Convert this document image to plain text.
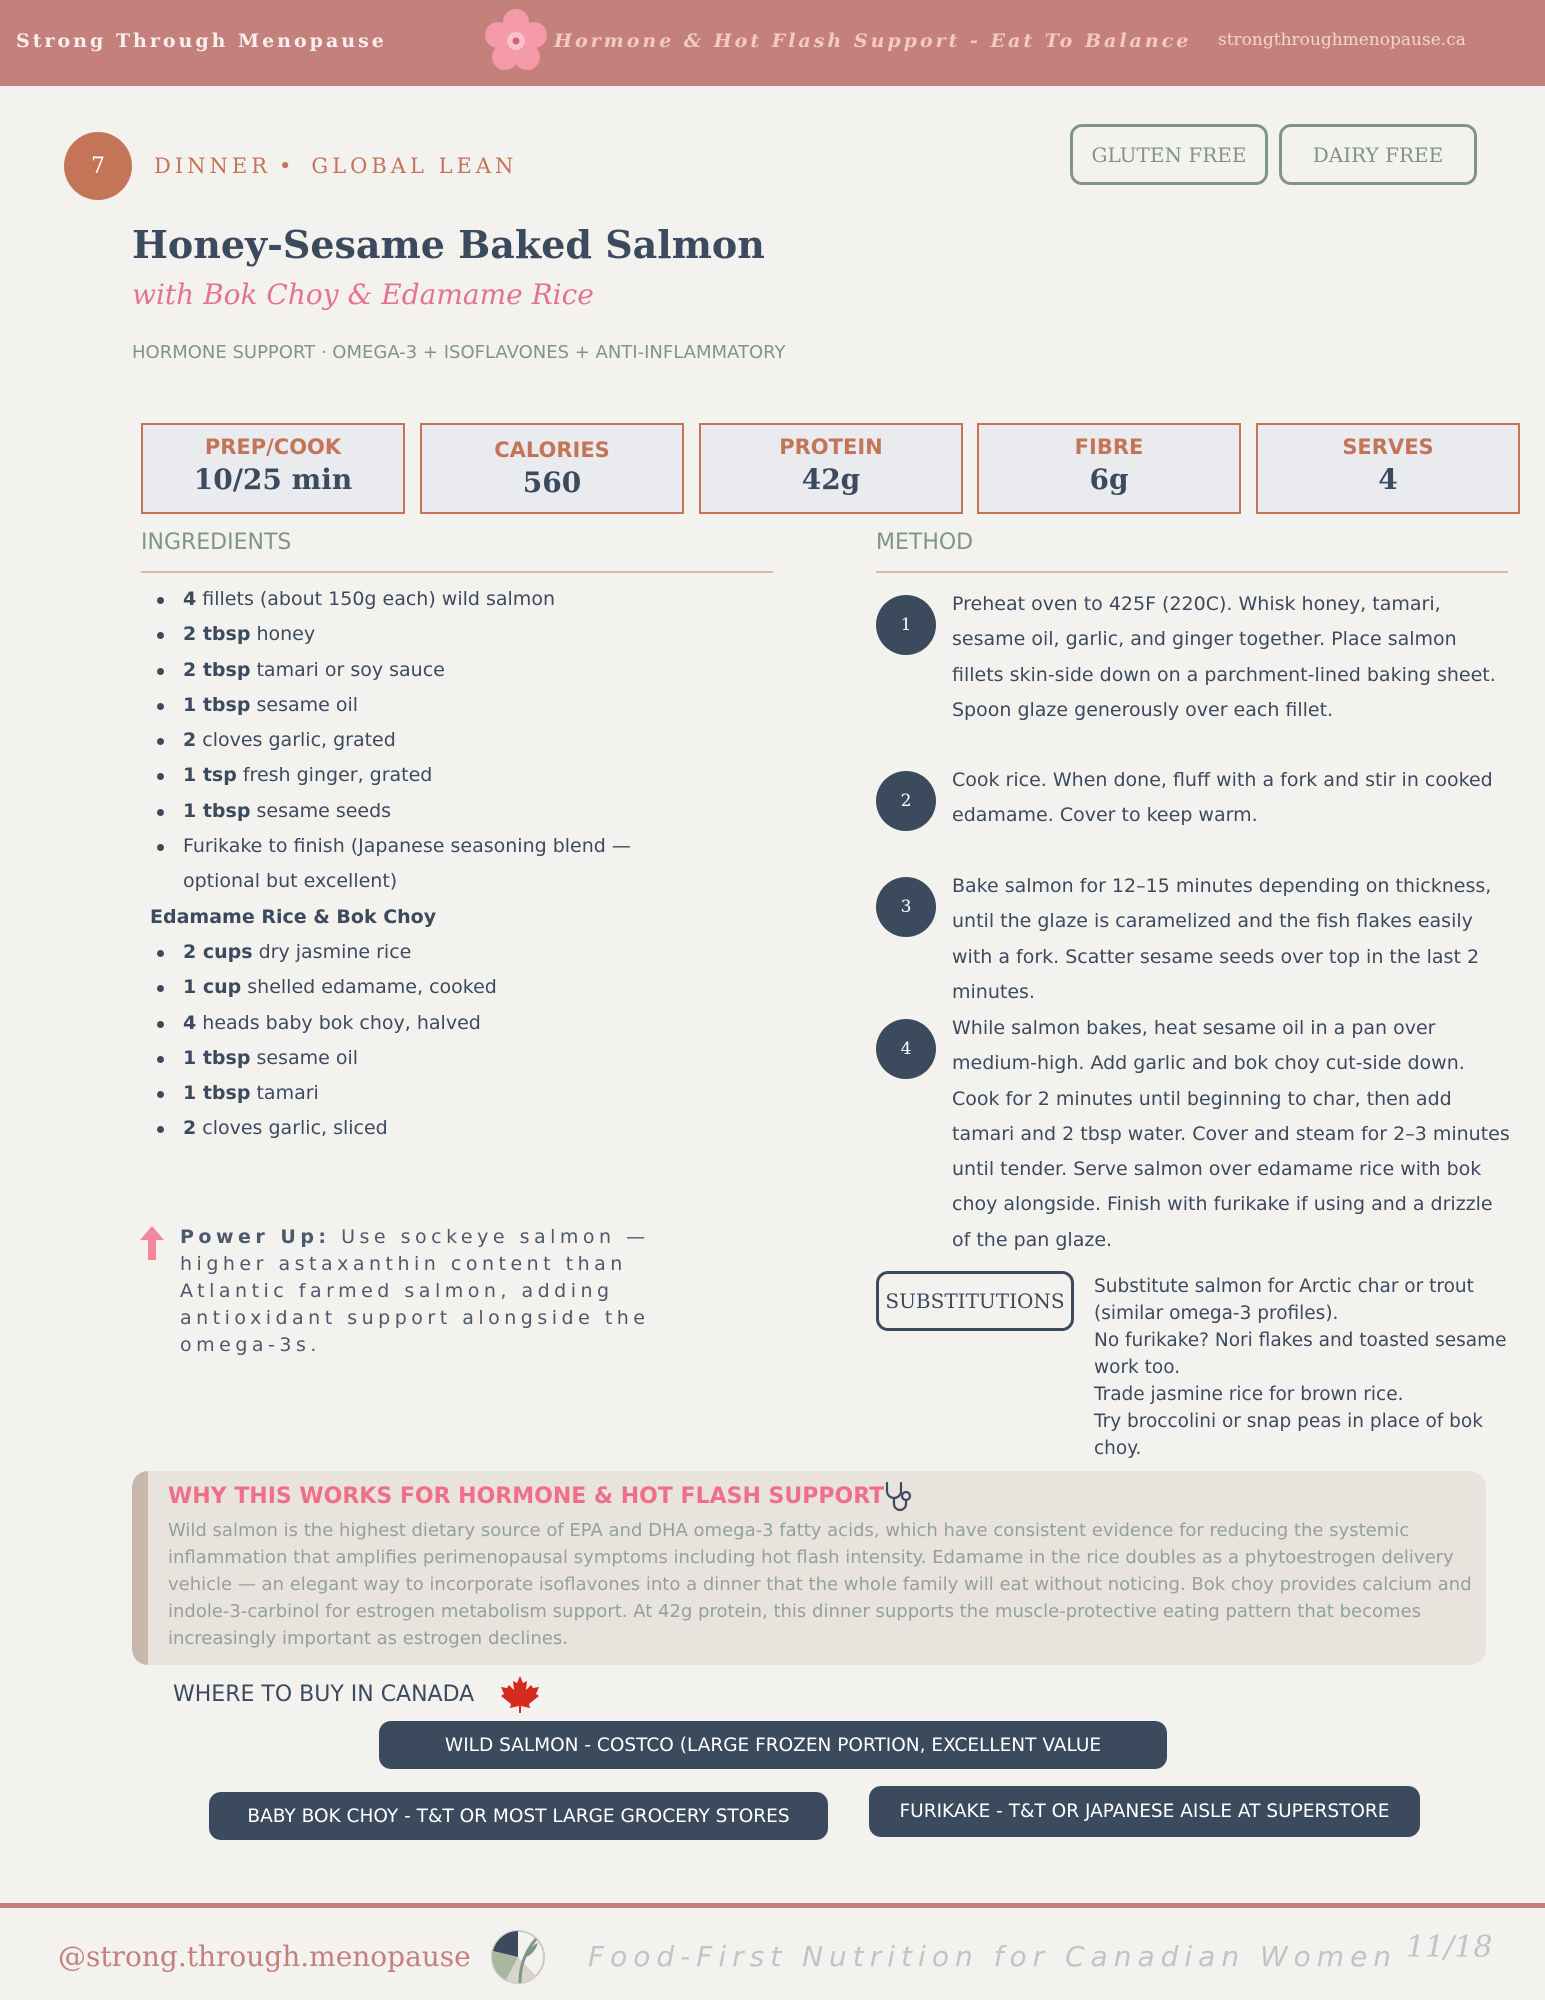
Strong Through Menopause	Hormone & Hot Flash Support - Eat To Balance strongthroughmenopause.ca
7	DINNER • GLOBAL LEAN	GLUTEN FREE	DAIRY FREE
Honey-Sesame Baked Salmon
with Bok Choy & Edamame Rice
HORMONE SUPPORT · OMEGA-3 + ISOFLAVONES + ANTI-INFLAMMATORY
PREP/COOK
10/25 min
CALORIES
560
PROTEIN
42g
FIBRE
6g
SERVES
4
INGREDIENTS
4 fillets (about 150g each) wild salmon
2 tbsp honey
2 tbsp tamari or soy sauce
1 tbsp sesame oil
2 cloves garlic, grated
1 tsp fresh ginger, grated
1 tbsp sesame seeds
Furikake to finish (Japanese seasoning blend — optional but excellent)
Edamame Rice & Bok Choy
2 cups dry jasmine rice
1 cup shelled edamame, cooked
4 heads baby bok choy, halved
1 tbsp sesame oil
1 tbsp tamari
2 cloves garlic, sliced
Power Up: Use sockeye salmon — higher astaxanthin content than Atlantic farmed salmon, adding antioxidant support alongside the omega-3s.
METHOD
1
Preheat oven to 425F (220C). Whisk honey, tamari, sesame oil, garlic, and ginger together. Place salmon fillets skin-side down on a parchment-lined baking sheet. Spoon glaze generously over each fillet.
2
Cook rice. When done, fluff with a fork and stir in cooked edamame. Cover to keep warm.
3
Bake salmon for 12–15 minutes depending on thickness, until the glaze is caramelized and the fish flakes easily with a fork. Scatter sesame seeds over top in the last 2 minutes.
4
While salmon bakes, heat sesame oil in a pan over medium-high. Add garlic and bok choy cut-side down. Cook for 2 minutes until beginning to char, then add tamari and 2 tbsp water. Cover and steam for 2–3 minutes until tender. Serve salmon over edamame rice with bok choy alongside. Finish with furikake if using and a drizzle of the pan glaze.
SUBSTITUTIONS
Substitute salmon for Arctic char or trout (similar omega-3 profiles).
No furikake? Nori flakes and toasted sesame work too.
Trade jasmine rice for brown rice.
Try broccolini or snap peas in place of bok choy.
WHY THIS WORKS FOR HORMONE & HOT FLASH SUPPORT
Wild salmon is the highest dietary source of EPA and DHA omega-3 fatty acids, which have consistent evidence for reducing the systemic inflammation that amplifies perimenopausal symptoms including hot flash intensity. Edamame in the rice doubles as a phytoestrogen delivery vehicle — an elegant way to incorporate isoflavones into a dinner that the whole family will eat without noticing. Bok choy provides calcium and indole-3-carbinol for estrogen metabolism support. At 42g protein, this dinner supports the muscle-protective eating pattern that becomes increasingly important as estrogen declines.
WHERE TO BUY IN CANADA
WILD SALMON - COSTCO (LARGE FROZEN PORTION, EXCELLENT VALUE
BABY BOK CHOY - T&T OR MOST LARGE GROCERY STORES	FURIKAKE - T&T OR JAPANESE AISLE AT SUPERSTORE
@strong.through.menopause	Food-First Nutrition for Canadian Women 11/18
